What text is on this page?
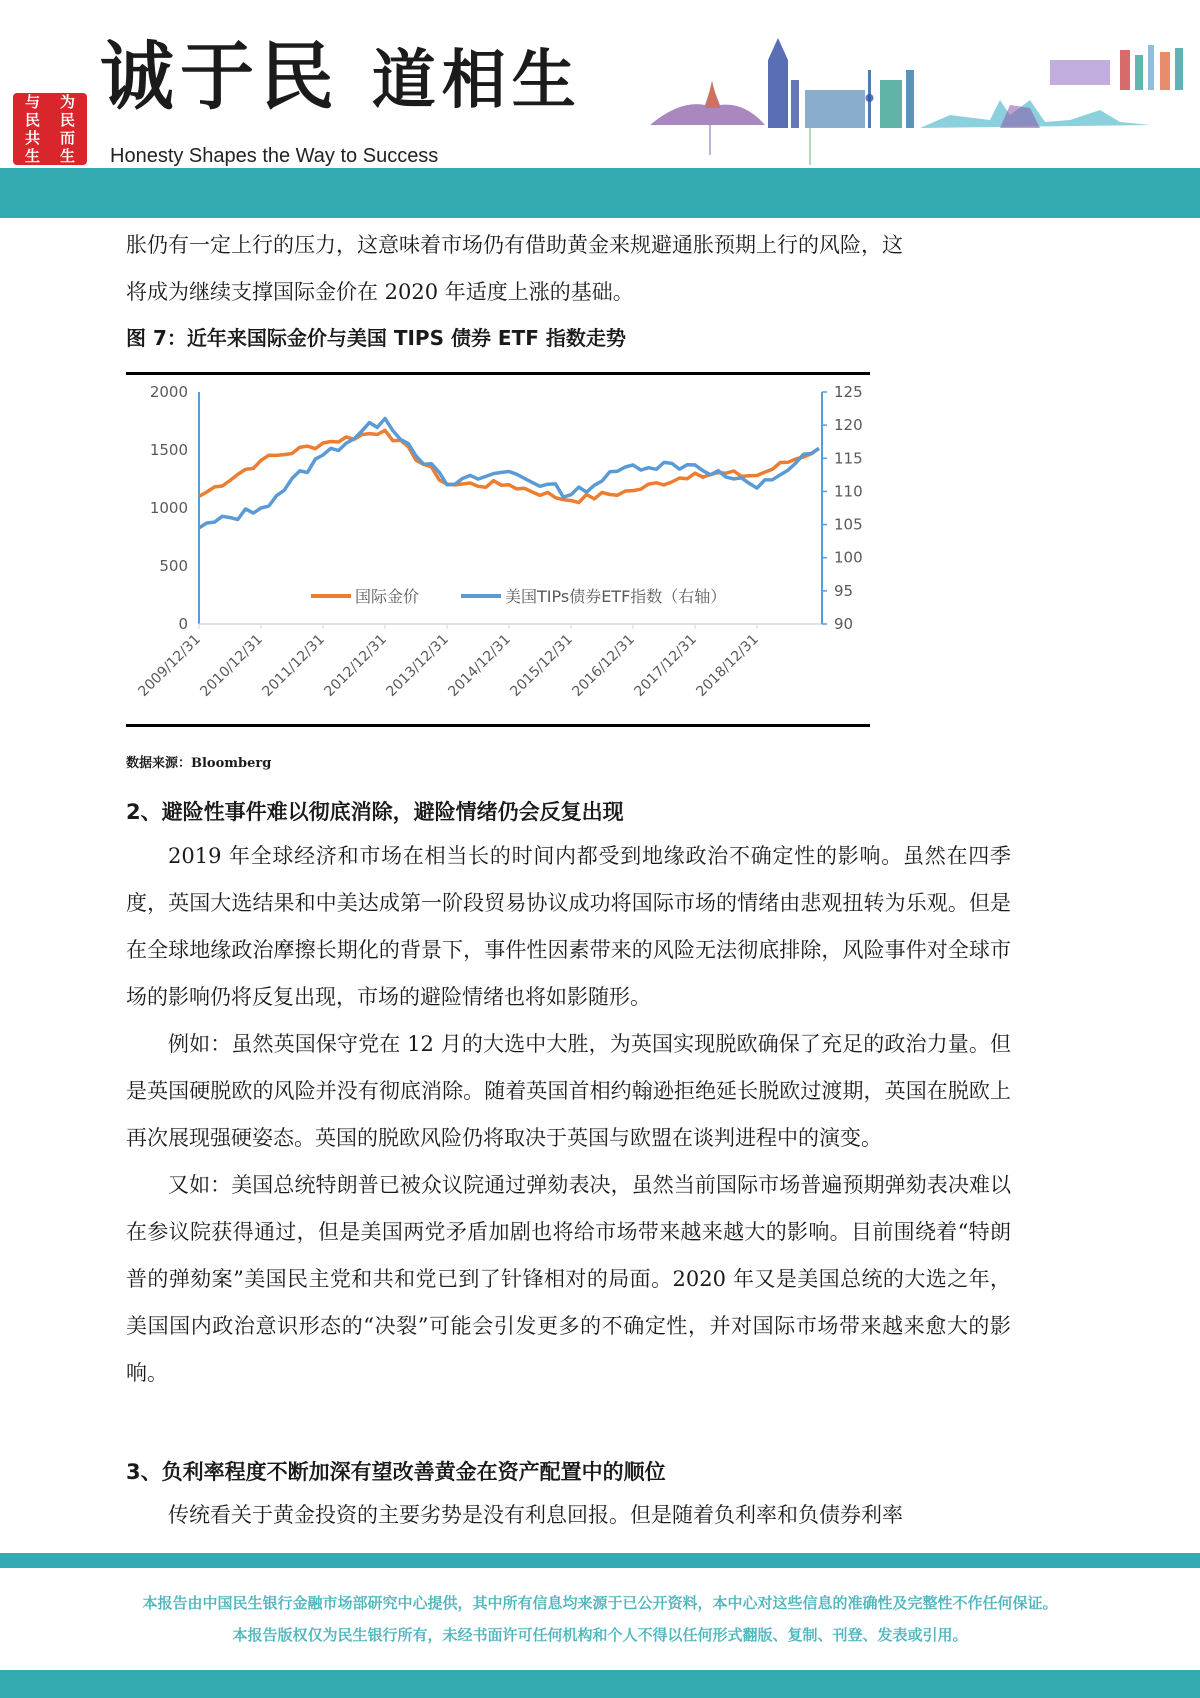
与	为
民	民
共	而
生	生
诚于民 道相生
Honesty Shapes the Way to Success

胀仍有一定上行的压力，这意味着市场仍有借助黄金来规避通胀预期上行的风险，这

将成为继续支撑国际金价在 2020 年适度上涨的基础。

图 7：近年来国际金价与美国 TIPS 债券 ETF 指数走势
0
500
1000
1500
2000
90
95
100
105
110
115
120
125
2009/12/31
2010/12/31
2011/12/31
2012/12/31
2013/12/31
2014/12/31
2015/12/31
2016/12/31
2017/12/31
2018/12/31
国际金价	美国TIPs债券ETF指数（右轴）
数据来源：Bloomberg
2、避险性事件难以彻底消除，避险情绪仍会反复出现

2019 年全球经济和市场在相当长的时间内都受到地缘政治不确定性的影响。虽然在四季度，英国大选结果和中美达成第一阶段贸易协议成功将国际市场的情绪由悲观扭转为乐观。但是在全球地缘政治摩擦长期化的背景下，事件性因素带来的风险无法彻底排除，风险事件对全球市场的影响仍将反复出现，市场的避险情绪也将如影随形。

例如：虽然英国保守党在 12 月的大选中大胜，为英国实现脱欧确保了充足的政治力量。但是英国硬脱欧的风险并没有彻底消除。随着英国首相约翰逊拒绝延长脱欧过渡期，英国在脱欧上再次展现强硬姿态。英国的脱欧风险仍将取决于英国与欧盟在谈判进程中的演变。

又如：美国总统特朗普已被众议院通过弹劾表决，虽然当前国际市场普遍预期弹劾表决难以在参议院获得通过，但是美国两党矛盾加剧也将给市场带来越来越大的影响。目前围绕着“特朗普的弹劾案”美国民主党和共和党已到了针锋相对的局面。2020 年又是美国总统的大选之年，美国国内政治意识形态的“决裂”可能会引发更多的不确定性，并对国际市场带来越来愈大的影响。

3、负利率程度不断加深有望改善黄金在资产配置中的顺位

传统看关于黄金投资的主要劣势是没有利息回报。但是随着负利率和负债券利率

本报告由中国民生银行金融市场部研究中心提供，其中所有信息均来源于已公开资料，本中心对这些信息的准确性及完整性不作任何保证。
本报告版权仅为民生银行所有，未经书面许可任何机构和个人不得以任何形式翻版、复制、刊登、发表或引用。
